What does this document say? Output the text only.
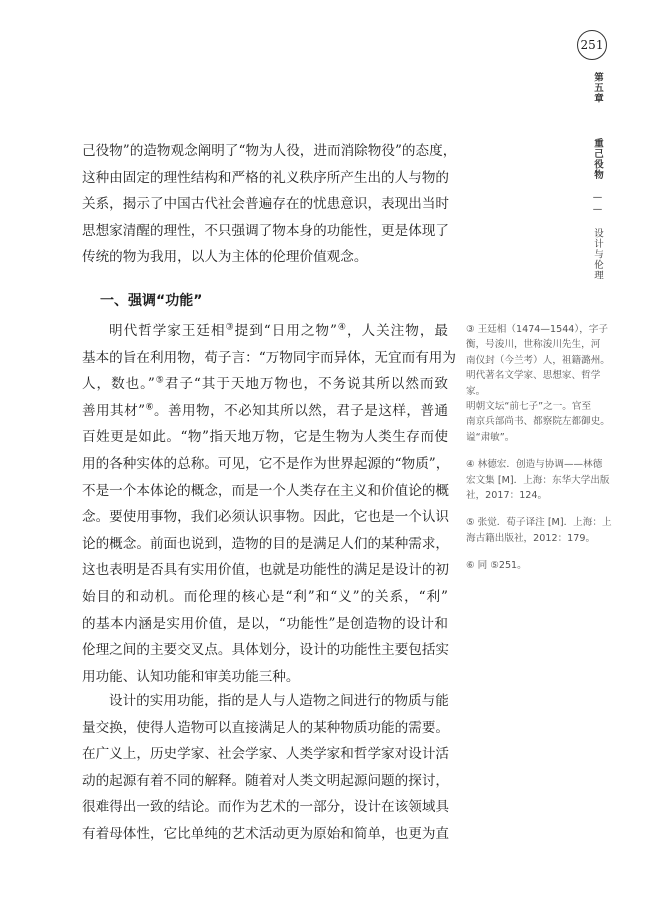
251
第五章  重己役物 —— 设计与伦理
己役物”的造物观念阐明了“物为人役，进而消除物役”的态度，
这种由固定的理性结构和严格的礼义秩序所产生出的人与物的
关系，揭示了中国古代社会普遍存在的忧患意识，表现出当时
思想家清醒的理性，不只强调了物本身的功能性，更是体现了
传统的物为我用，以人为主体的伦理价值观念。
一、强调“功能”
明代哲学家王廷相③提到“日用之物”④，人关注物，最
基本的旨在利用物，荀子言：“万物同宇而异体，无宜而有用为
人，数也。”⑤君子“其于天地万物也，不务说其所以然而致
善用其材”⑥。善用物，不必知其所以然，君子是这样，普通
百姓更是如此。“物”指天地万物，它是生物为人类生存而使
用的各种实体的总称。可见，它不是作为世界起源的“物质”，
不是一个本体论的概念，而是一个人类存在主义和价值论的概
念。要使用事物，我们必须认识事物。因此，它也是一个认识
论的概念。前面也说到，造物的目的是满足人们的某种需求，
这也表明是否具有实用价值，也就是功能性的满足是设计的初
始目的和动机。而伦理的核心是“利”和“义”的关系，“利”
的基本内涵是实用价值，是以，“功能性”是创造物的设计和
伦理之间的主要交叉点。具体划分，设计的功能性主要包括实
用功能、认知功能和审美功能三种。
设计的实用功能，指的是人与人造物之间进行的物质与能
量交换，使得人造物可以直接满足人的某种物质功能的需要。
在广义上，历史学家、社会学家、人类学家和哲学家对设计活
动的起源有着不同的解释。随着对人类文明起源问题的探讨，
很难得出一致的结论。而作为艺术的一部分，设计在该领域具
有着母体性，它比单纯的艺术活动更为原始和简单，也更为直
③ 王廷相（1474—1544），字子
衡，号浚川，世称浚川先生，河
南仪封（今兰考）人，祖籍潞州。
明代著名文学家、思想家、哲学家。
明朝文坛“前七子”之一。官至
南京兵部尚书、都察院左都御史。
谥“肃敏”。
④ 林德宏．创造与协调——林德
宏文集 [M]．上海：东华大学出版
社，2017：124。
⑤ 张觉．荀子译注 [M]．上海：上
海古籍出版社，2012：179。
⑥ 同 ⑤251。
